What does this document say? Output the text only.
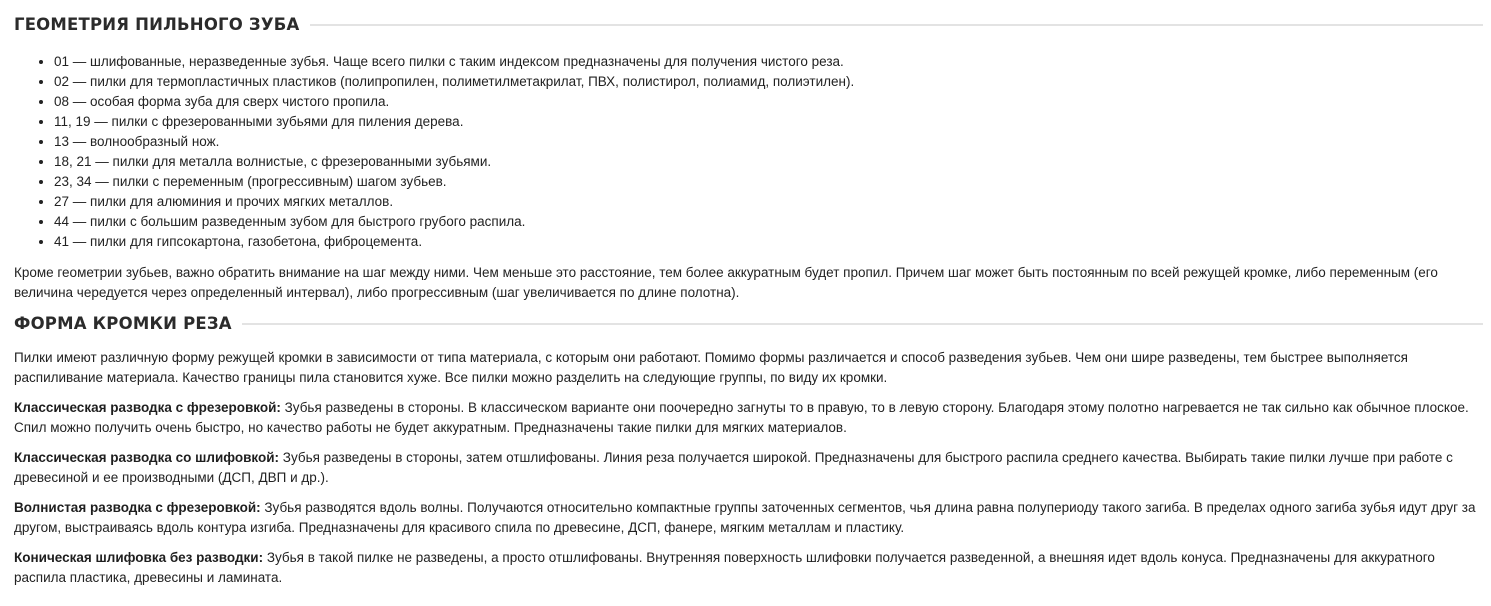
ГЕОМЕТРИЯ ПИЛЬНОГО ЗУБА
• 01 — шлифованные, неразведенные зубья. Чаще всего пилки с таким индексом предназначены для получения чистого реза.
• 02 — пилки для термопластичных пластиков (полипропилен, полиметилметакрилат, ПВХ, полистирол, полиамид, полиэтилен).
• 08 — особая форма зуба для сверх чистого пропила.
• 11, 19 — пилки с фрезерованными зубьями для пиления дерева.
• 13 — волнообразный нож.
• 18, 21 — пилки для металла волнистые, с фрезерованными зубьями.
• 23, 34 — пилки с переменным (прогрессивным) шагом зубьев.
• 27 — пилки для алюминия и прочих мягких металлов.
• 44 — пилки с большим разведенным зубом для быстрого грубого распила.
• 41 — пилки для гипсокартона, газобетона, фиброцемента.

Кроме геометрии зубьев, важно обратить внимание на шаг между ними. Чем меньше это расстояние, тем более аккуратным будет пропил. Причем шаг может быть постоянным по всей режущей кромке, либо переменным (его величина чередуется через определенный интервал), либо прогрессивным (шаг увеличивается по длине полотна).

ФОРМА КРОМКИ РЕЗА

Пилки имеют различную форму режущей кромки в зависимости от типа материала, с которым они работают. Помимо формы различается и способ разведения зубьев. Чем они шире разведены, тем быстрее выполняется распиливание материала. Качество границы пила становится хуже. Все пилки можно разделить на следующие группы, по виду их кромки.

Классическая разводка с фрезеровкой: Зубья разведены в стороны. В классическом варианте они поочередно загнуты то в правую, то в левую сторону. Благодаря этому полотно нагревается не так сильно как обычное плоское. Спил можно получить очень быстро, но качество работы не будет аккуратным. Предназначены такие пилки для мягких материалов.

Классическая разводка со шлифовкой: Зубья разведены в стороны, затем отшлифованы. Линия реза получается широкой. Предназначены для быстрого распила среднего качества. Выбирать такие пилки лучше при работе с древесиной и ее производными (ДСП, ДВП и др.).

Волнистая разводка с фрезеровкой: Зубья разводятся вдоль волны. Получаются относительно компактные группы заточенных сегментов, чья длина равна полупериоду такого загиба. В пределах одного загиба зубья идут друг за другом, выстраиваясь вдоль контура изгиба. Предназначены для красивого спила по древесине, ДСП, фанере, мягким металлам и пластику.

Коническая шлифовка без разводки: Зубья в такой пилке не разведены, а просто отшлифованы. Внутренняя поверхность шлифовки получается разведенной, а внешняя идет вдоль конуса. Предназначены для аккуратного распила пластика, древесины и ламината.
